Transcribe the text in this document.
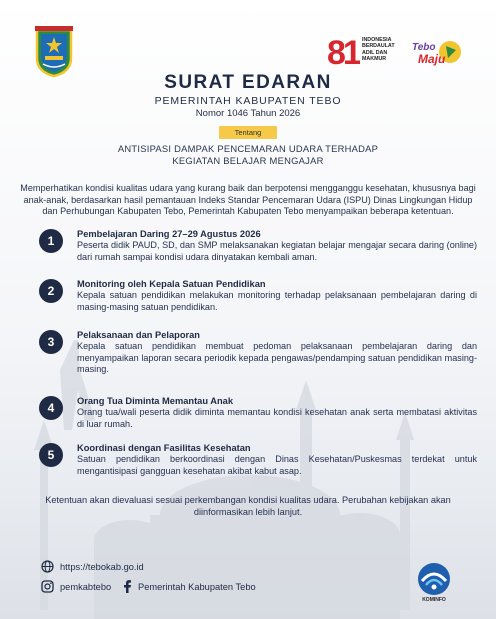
81 INDONESIA
BERDAULAT
ADIL DAN
MAKMUR
Tebo
Maju
SURAT EDARAN
PEMERINTAH KABUPATEN TEBO
Nomor 1046 Tahun 2026
Tentang
ANTISIPASI DAMPAK PENCEMARAN UDARA TERHADAP
KEGIATAN BELAJAR MENGAJAR
Memperhatikan kondisi kualitas udara yang kurang baik dan berpotensi mengganggu kesehatan, khususnya bagi anak-anak, berdasarkan hasil pemantauan Indeks Standar Pencemaran Udara (ISPU) Dinas Lingkungan Hidup dan Perhubungan Kabupaten Tebo, Pemerintah Kabupaten Tebo menyampaikan beberapa ketentuan.
1	Pembelajaran Daring 27–29 Agustus 2026
Peserta didik PAUD, SD, dan SMP melaksanakan kegiatan belajar mengajar secara daring (online) dari rumah sampai kondisi udara dinyatakan kembali aman.
2	Monitoring oleh Kepala Satuan Pendidikan
Kepala satuan pendidikan melakukan monitoring terhadap pelaksanaan pembelajaran daring di masing-masing satuan pendidikan.
3	Pelaksanaan dan Pelaporan
Kepala satuan pendidikan membuat pedoman pelaksanaan pembelajaran daring dan menyampaikan laporan secara periodik kepada pengawas/pendamping satuan pendidikan masing-masing.
4	Orang Tua Diminta Memantau Anak
Orang tua/wali peserta didik diminta memantau kondisi kesehatan anak serta membatasi aktivitas di luar rumah.
5	Koordinasi dengan Fasilitas Kesehatan
Satuan pendidikan berkoordinasi dengan Dinas Kesehatan/Puskesmas terdekat untuk mengantisipasi gangguan kesehatan akibat kabut asap.
Ketentuan akan dievaluasi sesuai perkembangan kondisi kualitas udara. Perubahan kebijakan akan diinformasikan lebih lanjut.
https://tebokab.go.id
pemkabtebo	Pemerintah Kabupaten Tebo
KOMINFO
